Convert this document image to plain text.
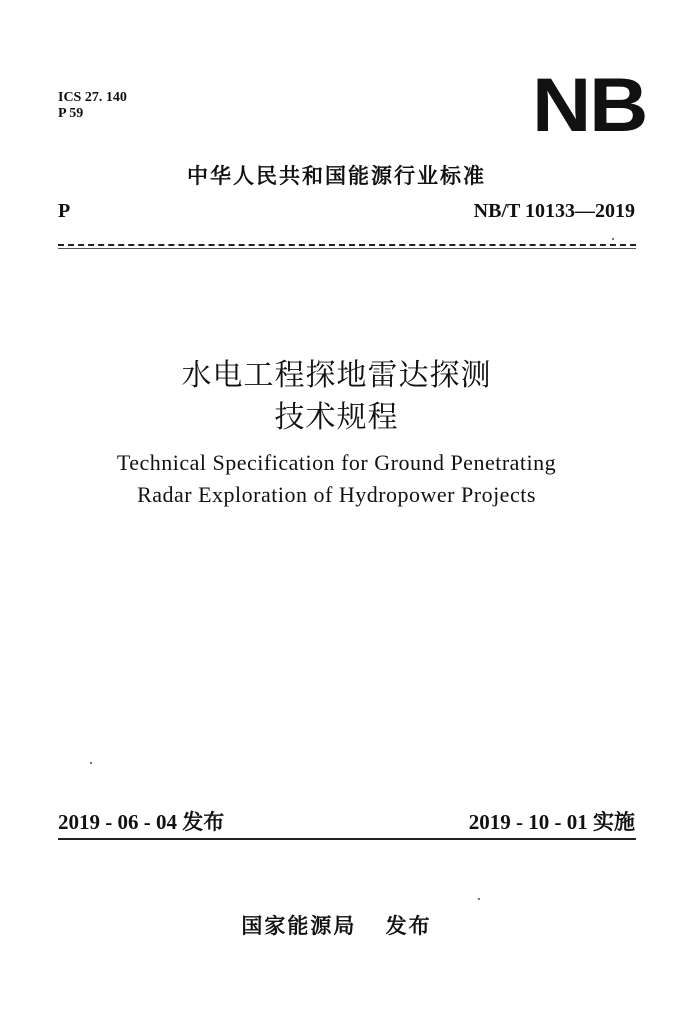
ICS 27. 140
P 59	NB
中华人民共和国能源行业标准
P	NB/T 10133—2019
水电工程探地雷达探测
技术规程
Technical Specification for Ground Penetrating
Radar Exploration of Hydropower Projects
2019 - 06 - 04 发布	2019 - 10 - 01 实施
国家能源局 发布
